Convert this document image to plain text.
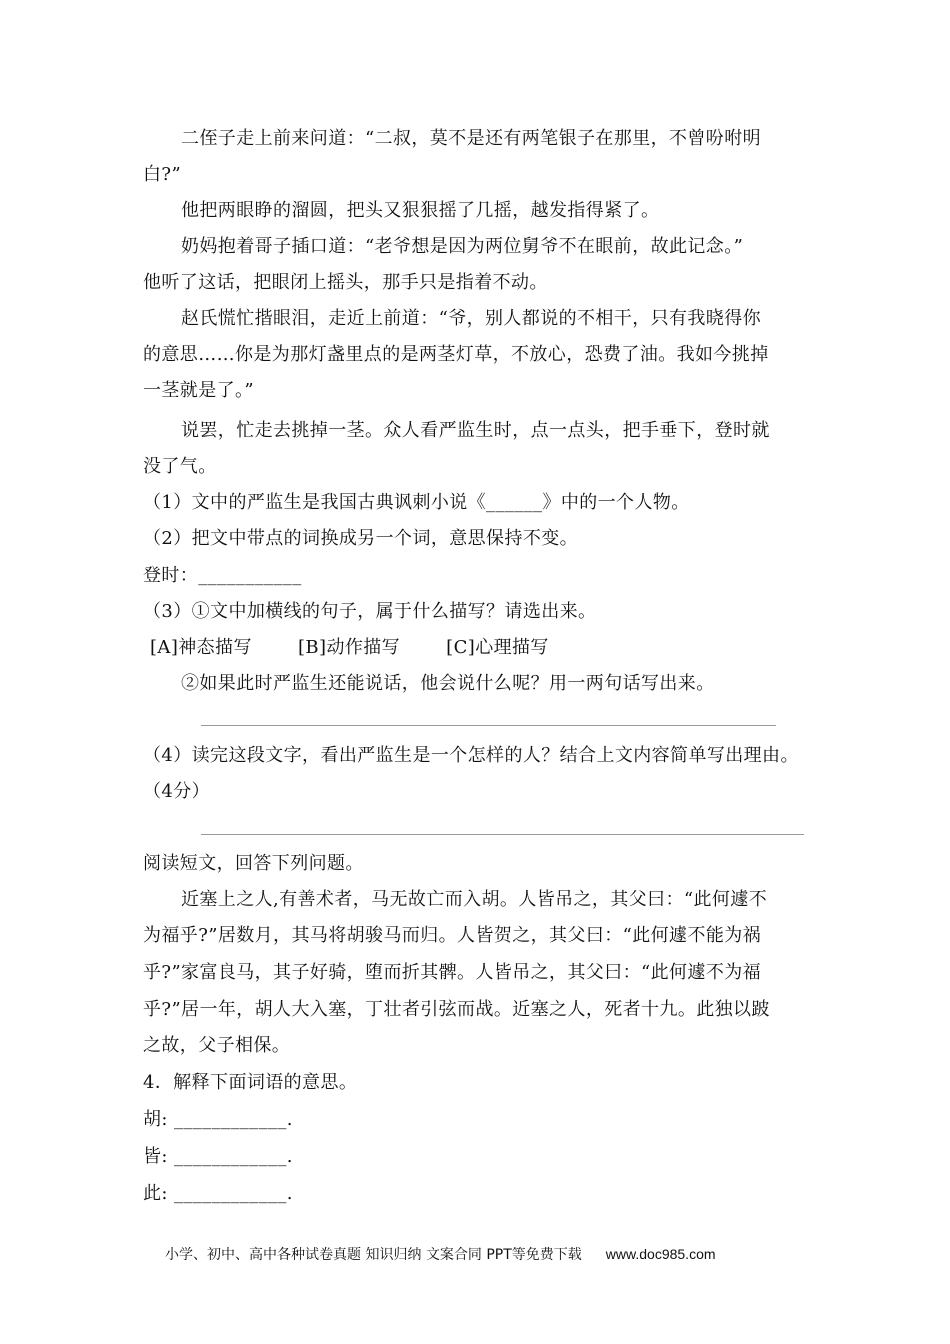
二侄子走上前来问道：“二叔，莫不是还有两笔银子在那里，不曾吩咐明
白?”
他把两眼睁的溜圆，把头又狠狠摇了几摇，越发指得紧了。
奶妈抱着哥子插口道：“老爷想是因为两位舅爷不在眼前，故此记念。”
他听了这话，把眼闭上摇头，那手只是指着不动。
赵氏慌忙揩眼泪，走近上前道：“爷，别人都说的不相干，只有我晓得你
的意思……你是为那灯盏里点的是两茎灯草，不放心，恐费了油。我如今挑掉
一茎就是了。”
说罢，忙走去挑掉一茎。众人看严监生时，点一点头，把手垂下，登时就
没了气。
（1）文中的严监生是我国古典讽刺小说《______》中的一个人物。
（2）把文中带点的词换成另一个词，意思保持不变。
登时：___________
（3）①文中加横线的句子，属于什么描写？请选出来。
[A]神态描写	[B]动作描写	[C]心理描写
②如果此时严监生还能说话，他会说什么呢？用一两句话写出来。
（4）读完这段文字，看出严监生是一个怎样的人？结合上文内容简单写出理由。
（4分）
阅读短文，回答下列问题。
近塞上之人,有善术者，马无故亡而入胡。人皆吊之，其父曰：“此何遽不
为福乎?”居数月，其马将胡骏马而归。人皆贺之，其父曰：“此何遽不能为祸
乎?”家富良马，其子好骑，堕而折其髀。人皆吊之，其父曰：“此何遽不为福
乎?”居一年，胡人大入塞，丁壮者引弦而战。近塞之人，死者十九。此独以跛
之故，父子相保。
4．解释下面词语的意思。
胡: ____________.
皆: ____________.
此: ____________.
小学、初中、高中各种试卷真题 知识归纳 文案合同 PPT等免费下载 www.doc985.com
